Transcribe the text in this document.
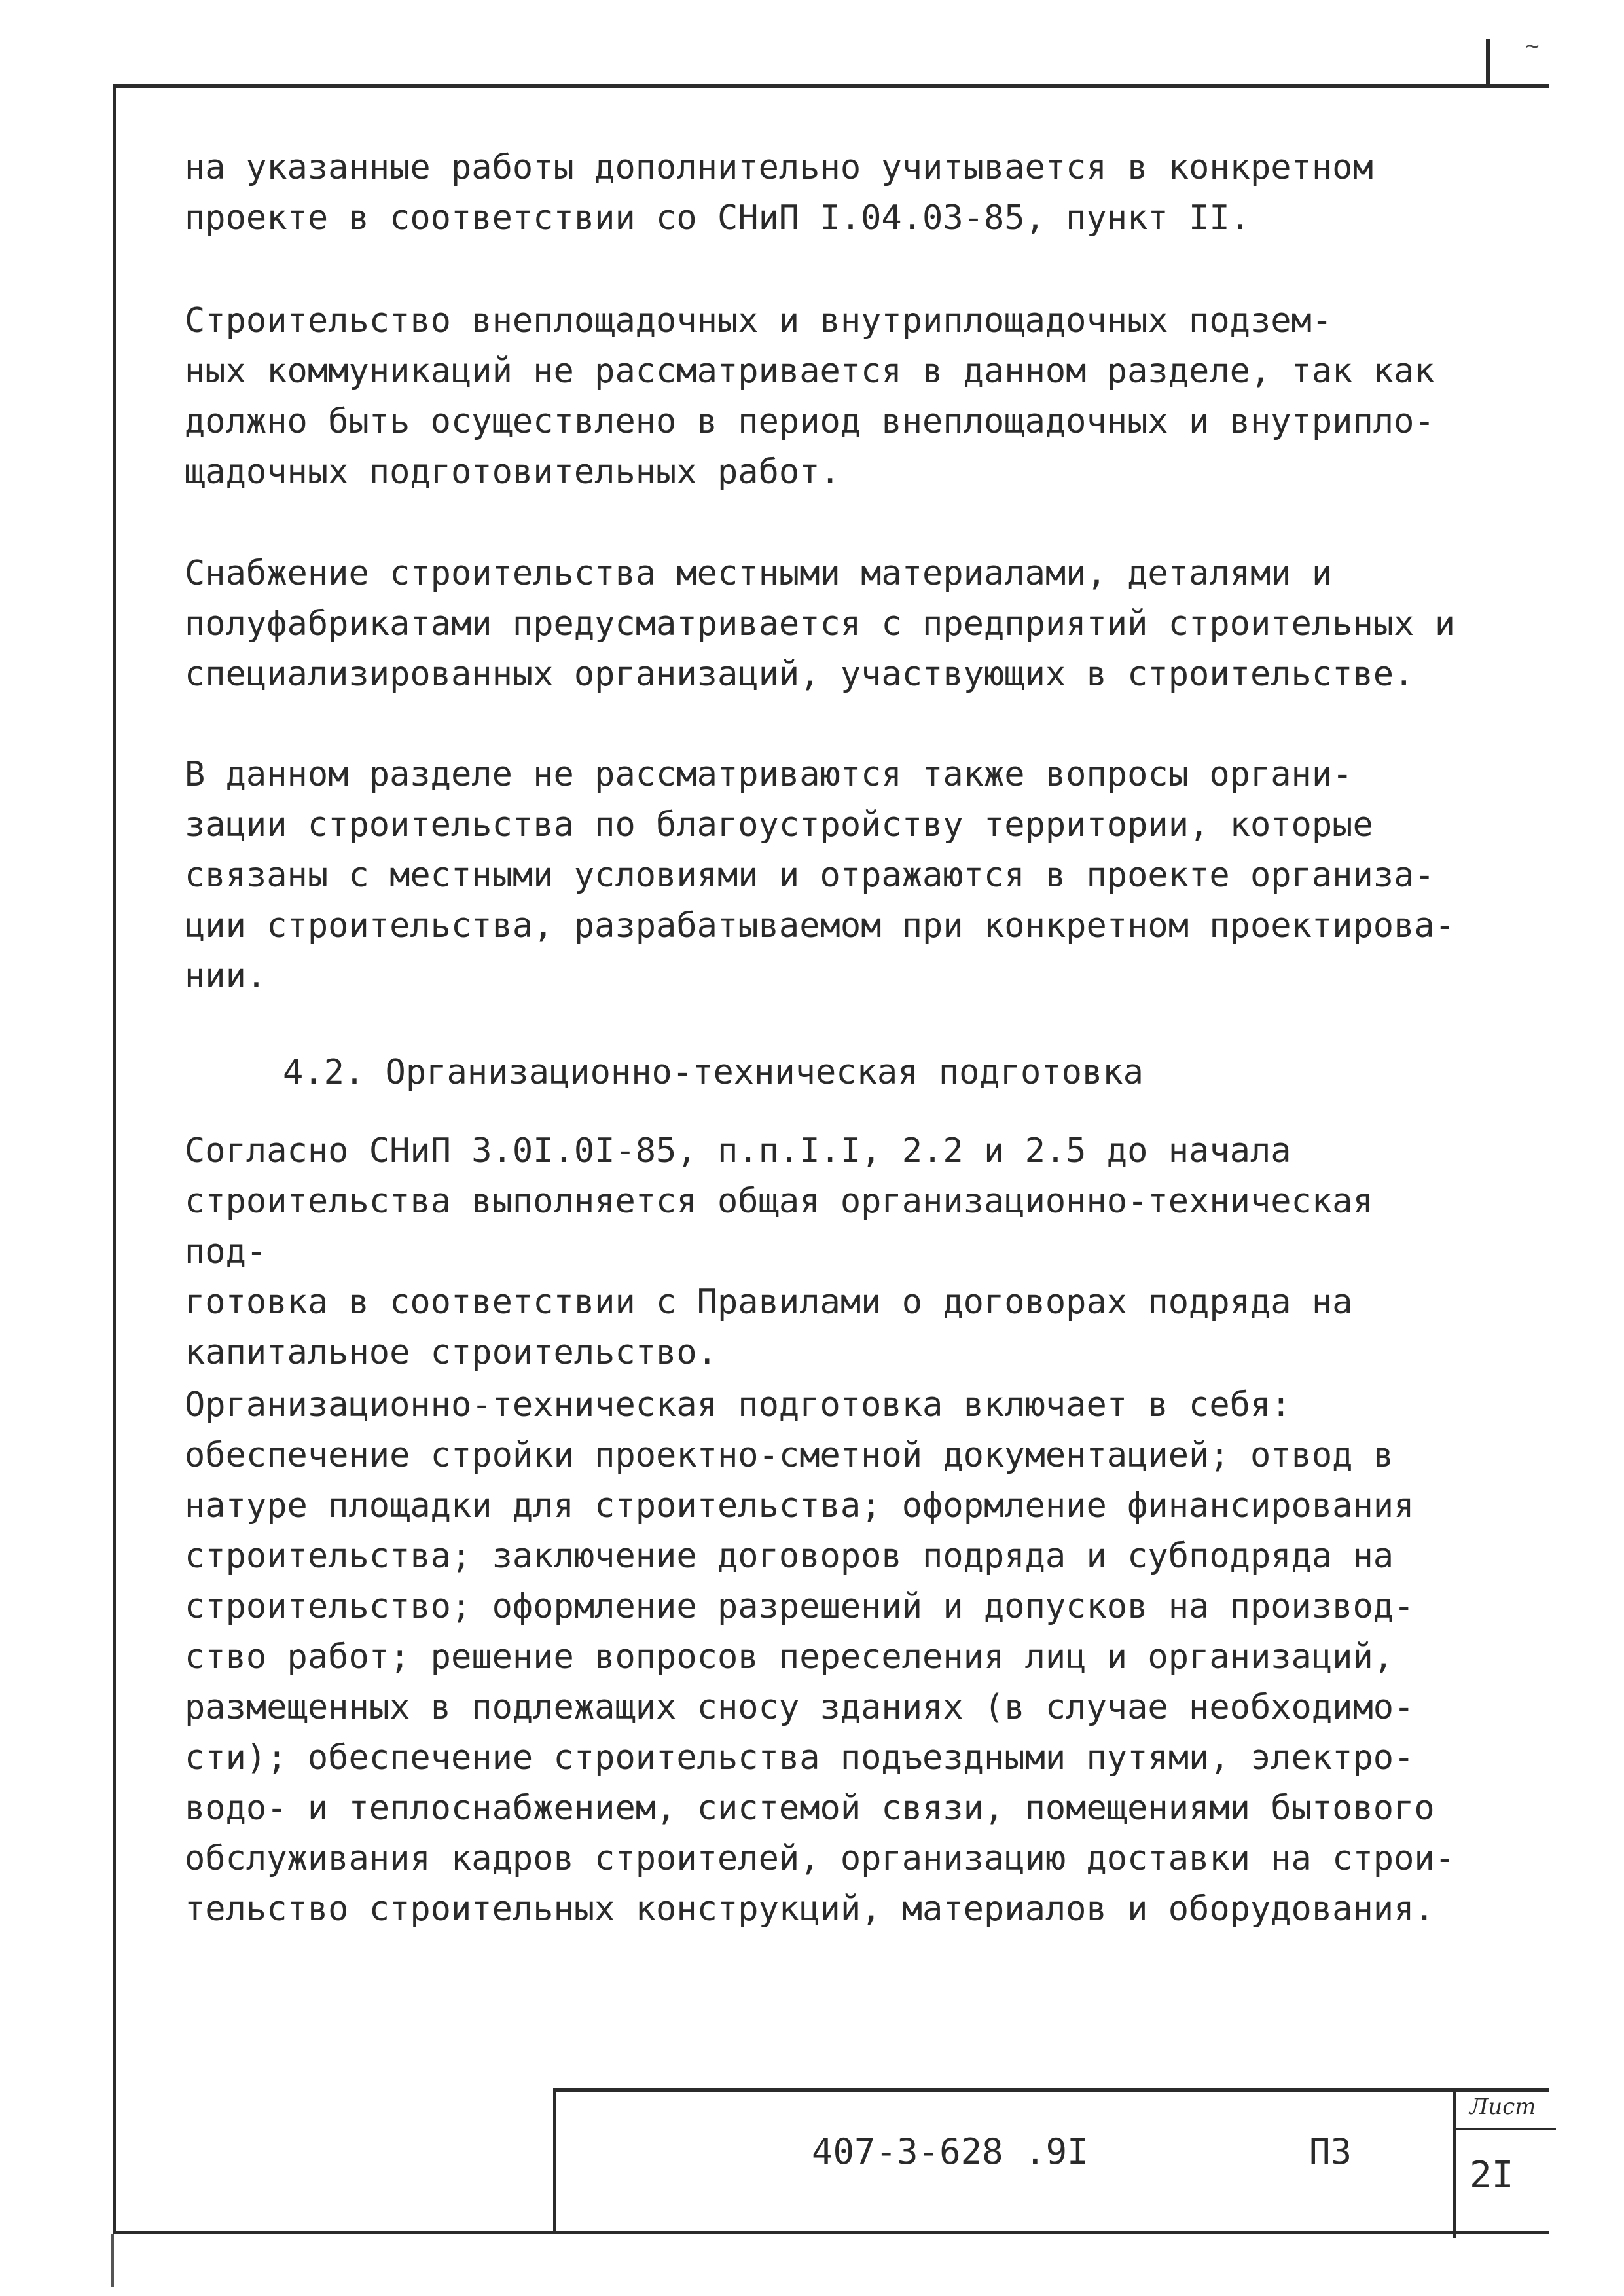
~

на указанные работы дополнительно учитывается в конкретном
проекте в соответствии со СНиП I.04.03-85, пункт II.

Строительство внеплощадочных и внутриплощадочных подзем-
ных коммуникаций не рассматривается в данном разделе, так как
должно быть осуществлено в период внеплощадочных и внутрипло-
щадочных подготовительных работ.

Снабжение строительства местными материалами, деталями и
полуфабрикатами предусматривается с предприятий строительных и
специализированных организаций, участвующих в строительстве.

В данном разделе не рассматриваются также вопросы органи-
зации строительства по благоустройству территории, которые
связаны с местными условиями и отражаются в проекте организа-
ции строительства, разрабатываемом при конкретном проектирова-
нии.

4.2. Организационно-техническая подготовка

Согласно СНиП 3.0I.0I-85, п.п.I.I, 2.2 и 2.5 до начала
строительства выполняется общая организационно-техническая под-
готовка в соответствии с Правилами о договорах подряда на
капитальное строительство.

Организационно-техническая подготовка включает в себя:
обеспечение стройки проектно-сметной документацией; отвод в
натуре площадки для строительства; оформление финансирования
строительства; заключение договоров подряда и субподряда на
строительство; оформление разрешений и допусков на производ-
ство работ; решение вопросов переселения лиц и организаций,
размещенных в подлежащих сносу зданиях (в случае необходимо-
сти); обеспечение строительства подъездными путями, электро-
водо- и теплоснабжением, системой связи, помещениями бытового
обслуживания кадров строителей, организацию доставки на строи-
тельство строительных конструкций, материалов и оборудования.

407-3-628 .9I	ПЗ
Лист
2I
